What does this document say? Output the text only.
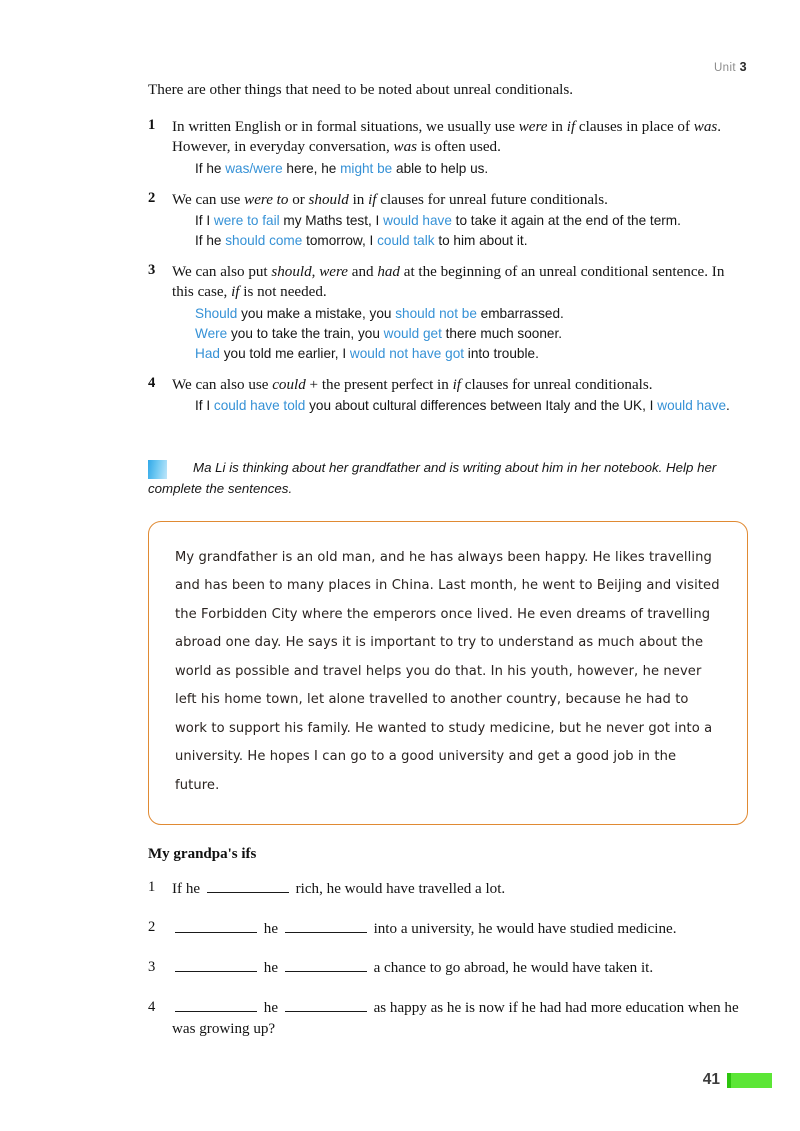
Unit 3

There are other things that need to be noted about unreal conditionals.

1 In written English or in formal situations, we usually use were in if clauses in place of was. However, in everyday conversation, was is often used.
If he was/were here, he might be able to help us.
2 We can use were to or should in if clauses for unreal future conditionals.
If I were to fail my Maths test, I would have to take it again at the end of the term.
If he should come tomorrow, I could talk to him about it.
3 We can also put should, were and had at the beginning of an unreal conditional sentence. In this case, if is not needed.
Should you make a mistake, you should not be embarrassed.
Were you to take the train, you would get there much sooner.
Had you told me earlier, I would not have got into trouble.
4 We can also use could + the present perfect in if clauses for unreal conditionals.
If I could have told you about cultural differences between Italy and the UK, I would have.
Ma Li is thinking about her grandfather and is writing about him in her notebook. Help her complete the sentences.
My grandfather is an old man, and he has always been happy. He likes travelling and has been to many places in China. Last month, he went to Beijing and visited the Forbidden City where the emperors once lived. He even dreams of travelling abroad one day. He says it is important to try to understand as much about the world as possible and travel helps you do that. In his youth, however, he never left his home town, let alone travelled to another country, because he had to work to support his family. He wanted to study medicine, but he never got into a university. He hopes I can go to a good university and get a good job in the future.
My grandpa's ifs
1 If he	rich, he would have travelled a lot.
2	he	into a university, he would have studied medicine.
3	he	a chance to go abroad, he would have taken it.
4	he	as happy as he is now if he had had more education when he was growing up?
41
